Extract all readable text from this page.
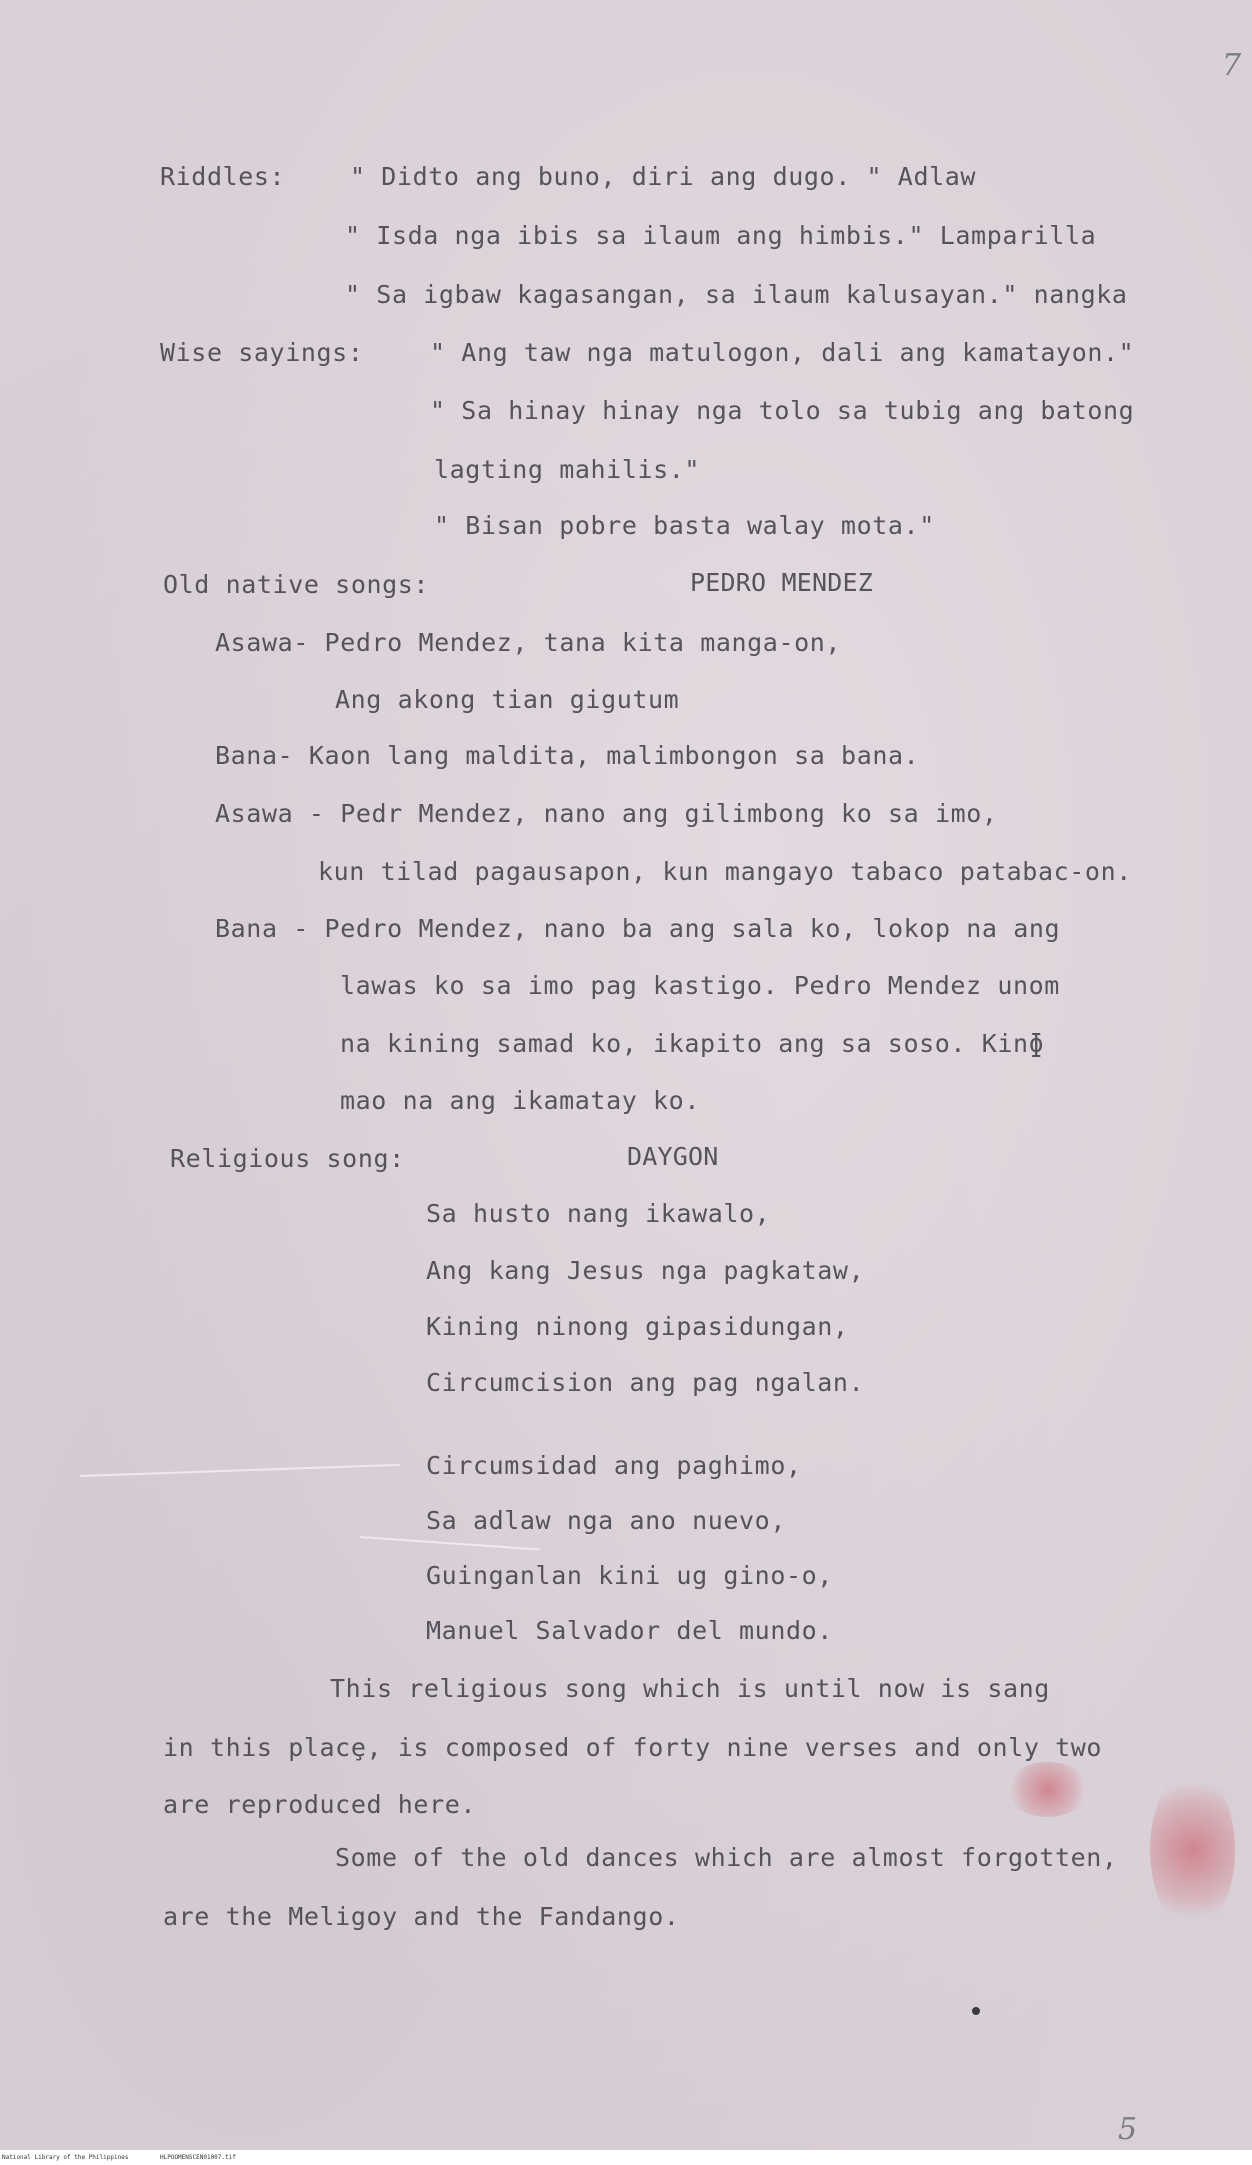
7
Riddles:	" Didto ang buno, diri ang dugo. " Adlaw
" Isda nga ibis sa ilaum ang himbis." Lamparilla
" Sa igbaw kagasangan, sa ilaum kalusayan." nangka
Wise sayings:	" Ang taw nga matulogon, dali ang kamatayon."
" Sa hinay hinay nga tolo sa tubig ang batong
lagting mahilis."
" Bisan pobre basta walay mota."
Old native songs:	PEDRO MENDEZ
Asawa- Pedro Mendez, tana kita manga-on,
Ang akong tian gigutum
Bana- Kaon lang maldita, malimbongon sa bana.
Asawa - Pedr Mendez, nano ang gilimbong ko sa imo,
kun tilad pagausapon, kun mangayo tabaco patabac-on.
Bana - Pedro Mendez, nano ba ang sala ko, lokop na ang
lawas ko sa imo pag kastigo. Pedro Mendez unom
na kining samad ko, ikapito ang sa soso. Kinɸ
mao na ang ikamatay ko.
Religious song:	DAYGON
Sa husto nang ikawalo,
Ang kang Jesus nga pagkataw,
Kining ninong gipasidungan,
Circumcision ang pag ngalan.
Circumsidad ang paghimo,
Sa adlaw nga ano nuevo,
Guinganlan kini ug gino-o,
Manuel Salvador del mundo.
This religious song which is until now is sang
in this placȩ, is composed of forty nine verses and only two
are reproduced here.
Some of the old dances which are almost forgotten,
are the Meligoy and the Fandango.
5
National Library of the Philippines	HLPOOMENSCEN01007.tif
